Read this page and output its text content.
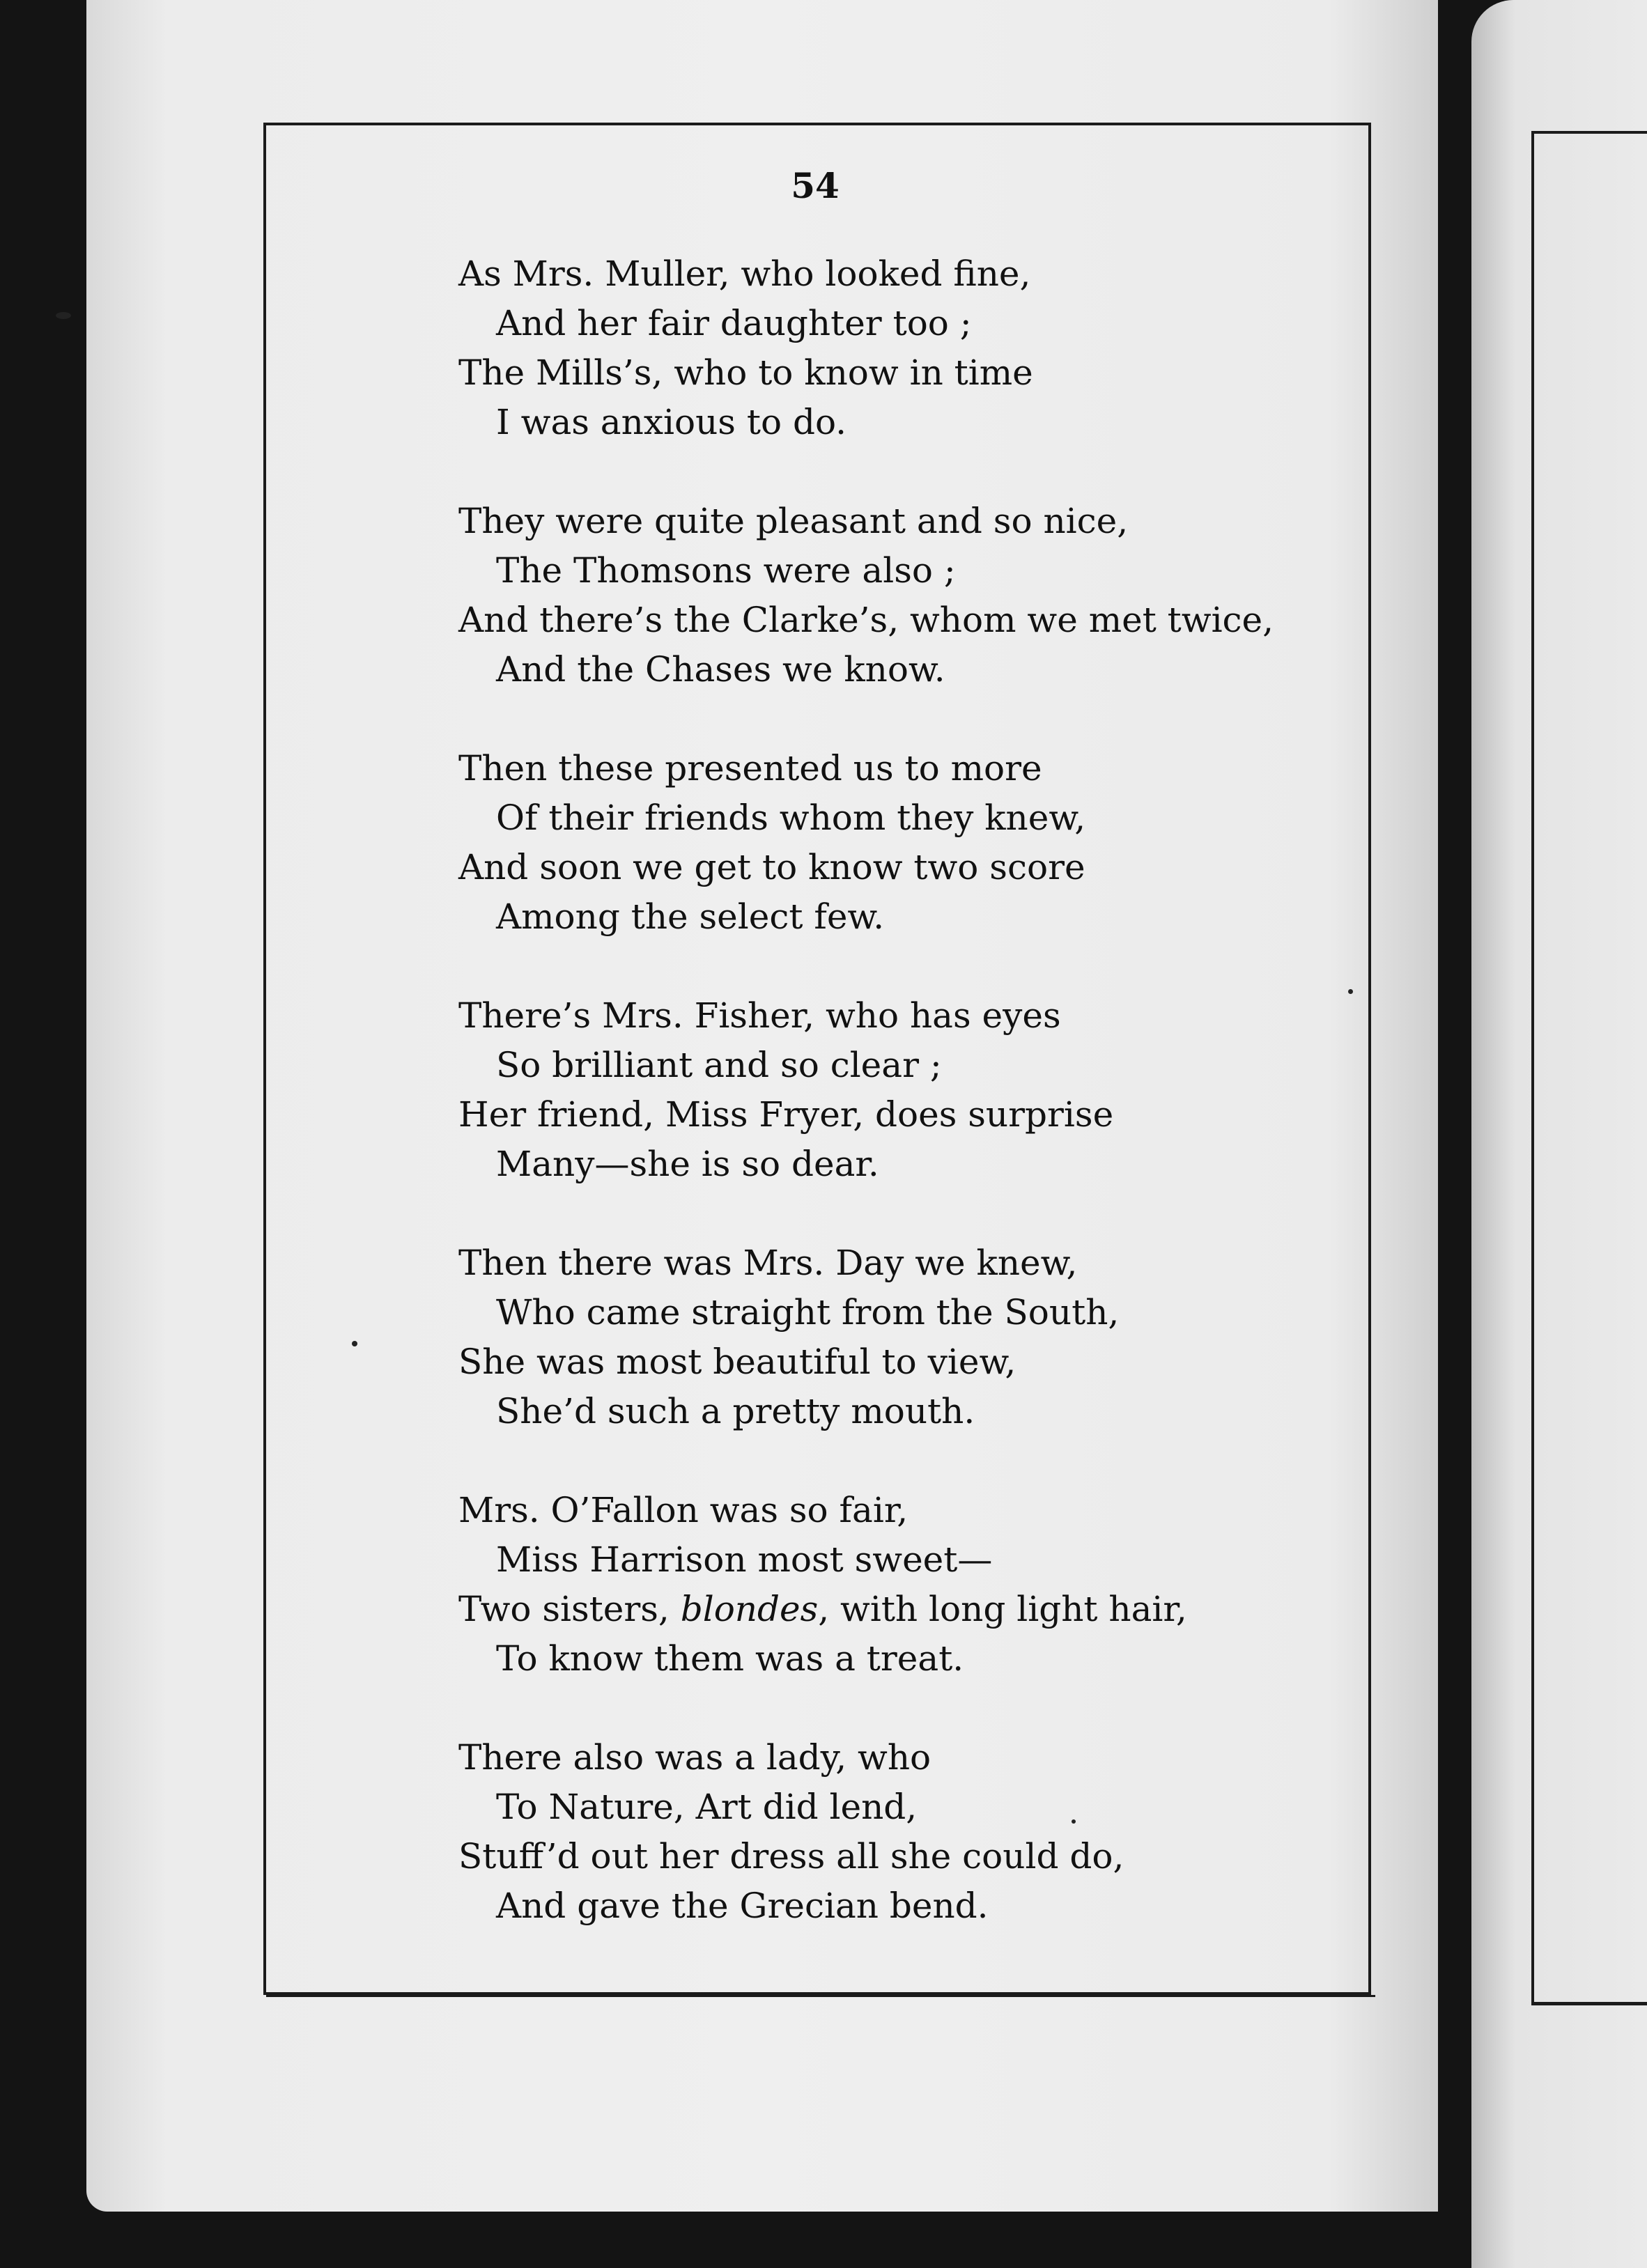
54
As Mrs. Muller, who looked fine,
And her fair daughter too ;
The Mills’s, who to know in time
I was anxious to do.
They were quite pleasant and so nice,
The Thomsons were also ;
And there’s the Clarke’s, whom we met twice,
And the Chases we know.
Then these presented us to more
Of their friends whom they knew,
And soon we get to know two score
Among the select few.
There’s Mrs. Fisher, who has eyes
So brilliant and so clear ;
Her friend, Miss Fryer, does surprise
Many—she is so dear.
Then there was Mrs. Day we knew,
Who came straight from the South,
She was most beautiful to view,
She’d such a pretty mouth.
Mrs. O’Fallon was so fair,
Miss Harrison most sweet—
Two sisters, blondes, with long light hair,
To know them was a treat.
There also was a lady, who
To Nature, Art did lend,
Stuff’d out her dress all she could do,
And gave the Grecian bend.
